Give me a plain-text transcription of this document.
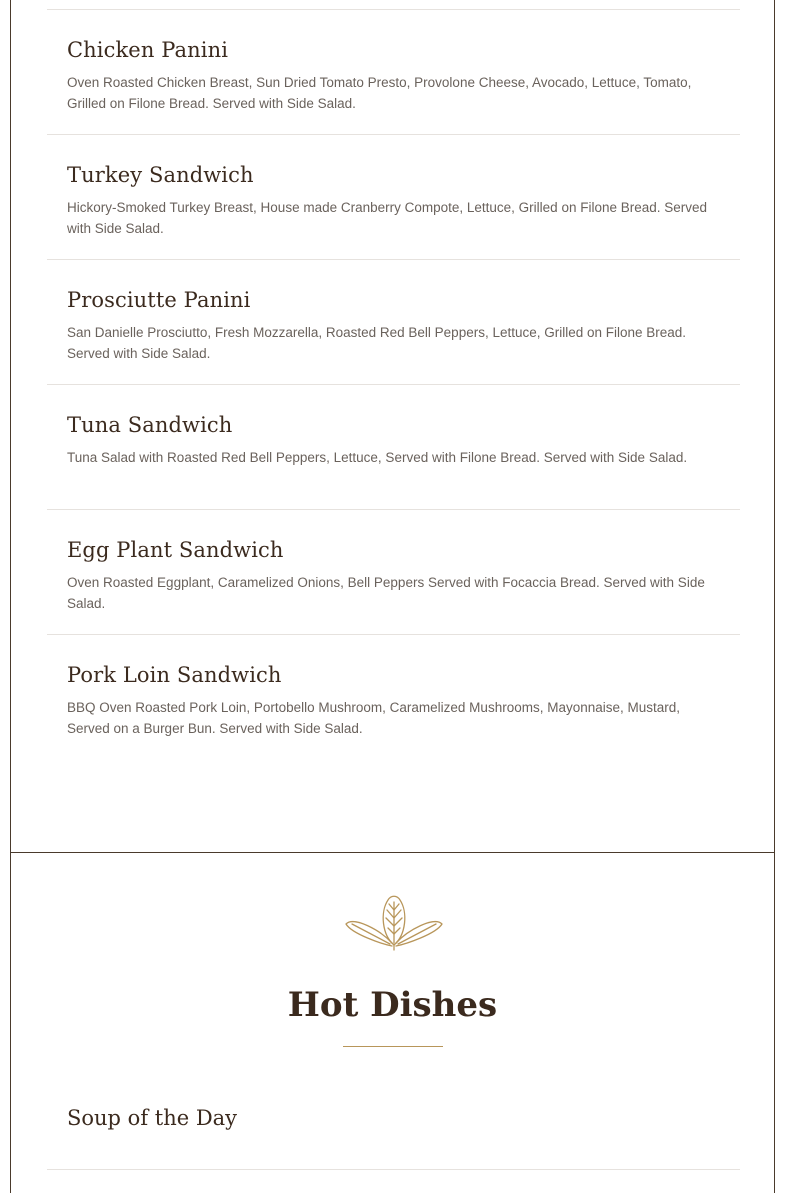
Chicken Panini

Oven Roasted Chicken Breast, Sun Dried Tomato Presto, Provolone Cheese, Avocado, Lettuce, Tomato, Grilled on Filone Bread. Served with Side Salad.

Turkey Sandwich

Hickory-Smoked Turkey Breast, House made Cranberry Compote, Lettuce, Grilled on Filone Bread. Served with Side Salad.

Prosciutte Panini

San Danielle Prosciutto, Fresh Mozzarella, Roasted Red Bell Peppers, Lettuce, Grilled on Filone Bread. Served with Side Salad.

Tuna Sandwich

Tuna Salad with Roasted Red Bell Peppers, Lettuce, Served with Filone Bread. Served with Side Salad.

Egg Plant Sandwich

Oven Roasted Eggplant, Caramelized Onions, Bell Peppers Served with Focaccia Bread. Served with Side Salad.

Pork Loin Sandwich

BBQ Oven Roasted Pork Loin, Portobello Mushroom, Caramelized Mushrooms, Mayonnaise, Mustard, Served on a Burger Bun. Served with Side Salad.

Hot Dishes
Soup of the Day
